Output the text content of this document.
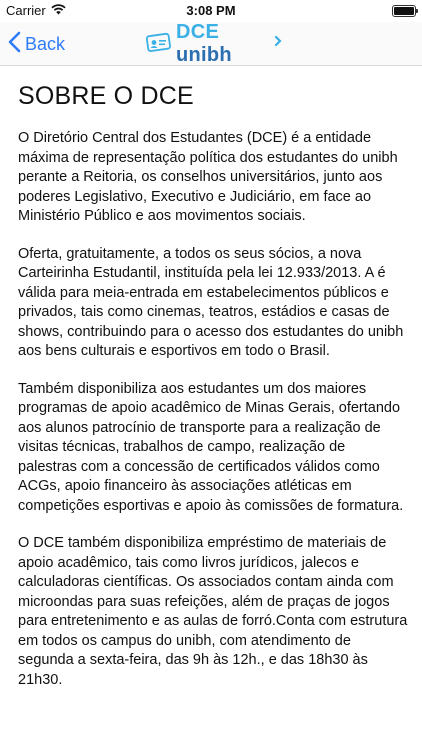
Carrier	3:08 PM
Back
DCE unibh
SOBRE O DCE

O Diretório Central dos Estudantes (DCE) é a entidade máxima de representação política dos estudantes do unibh perante a Reitoria, os conselhos universitários, junto aos poderes Legislativo, Executivo e Judiciário, em face ao Ministério Público e aos movimentos sociais.

Oferta, gratuitamente, a todos os seus sócios, a nova Carteirinha Estudantil, instituída pela lei 12.933/2013. A é válida para meia-entrada em estabelecimentos públicos e privados, tais como cinemas, teatros, estádios e casas de shows, contribuindo para o acesso dos estudantes do unibh aos bens culturais e esportivos em todo o Brasil.

Também disponibiliza aos estudantes um dos maiores programas de apoio acadêmico de Minas Gerais, ofertando aos alunos patrocínio de transporte para a realização de visitas técnicas, trabalhos de campo, realização de palestras com a concessão de certificados válidos como ACGs, apoio financeiro às associações atléticas em competições esportivas e apoio às comissões de formatura.

O DCE também disponibiliza empréstimo de materiais de apoio acadêmico, tais como livros jurídicos, jalecos e calculadoras científicas. Os associados contam ainda com microondas para suas refeições, além de praças de jogos para entretenimento e as aulas de forró.Conta com estrutura em todos os campus do unibh, com atendimento de segunda a sexta-feira, das 9h às 12h., e das 18h30 às 21h30.
